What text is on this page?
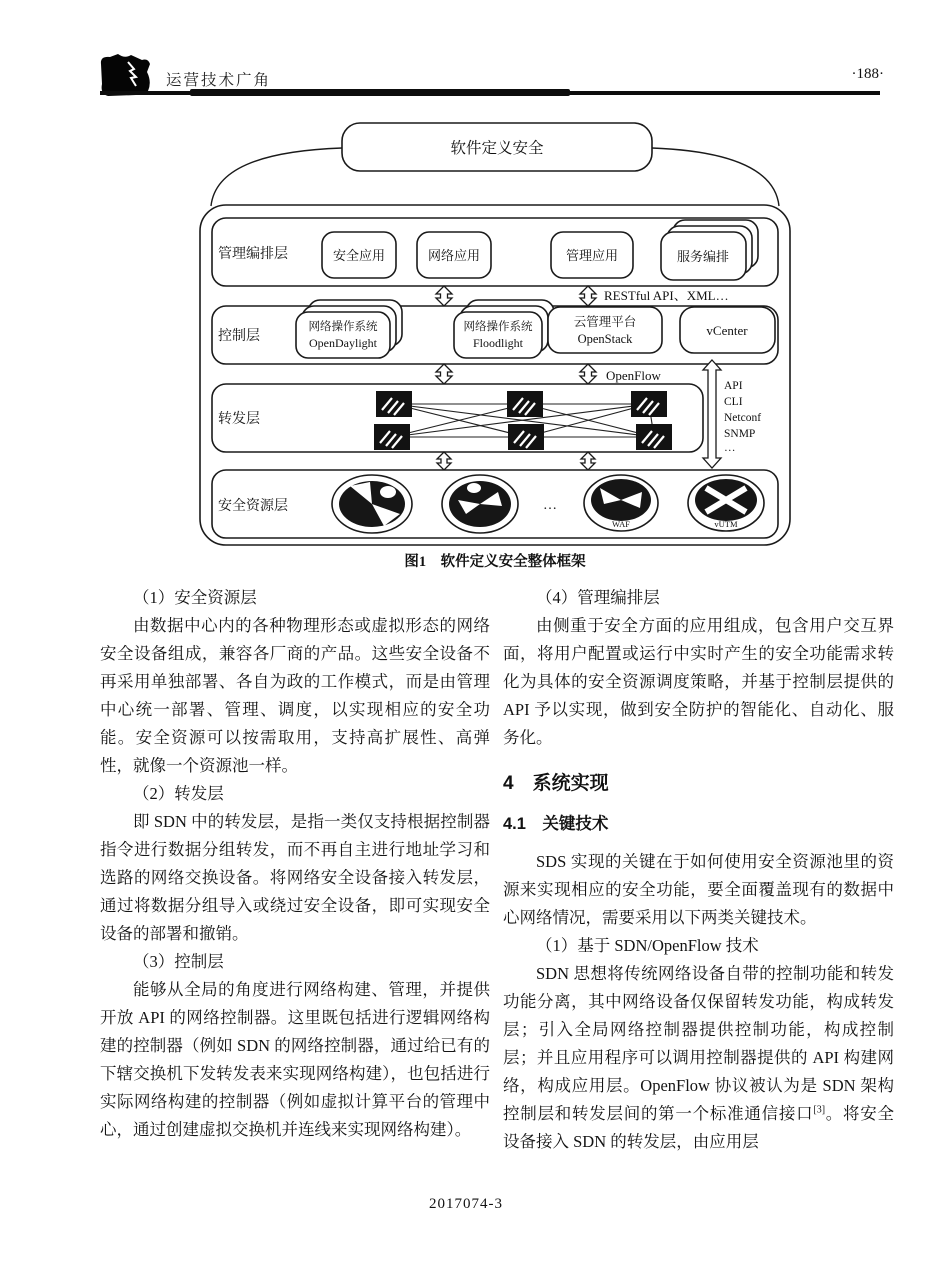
运营技术广角	·188·
软件定义安全
管理编排层	安全应用	网络应用	管理应用	服务编排
RESTful API、XML…
控制层
网络操作系统
OpenDaylight
网络操作系统
Floodlight
云管理平台
OpenStack
vCenter
OpenFlow
API
CLI
Netconf
SNMP
…
转发层
安全资源层	…
WAF	vUTM
图1　软件定义安全整体框架

（1）安全资源层

由数据中心内的各种物理形态或虚拟形态的网络安全设备组成，兼容各厂商的产品。这些安全设备不再采用单独部署、各自为政的工作模式，而是由管理中心统一部署、管理、调度，以实现相应的安全功能。安全资源可以按需取用，支持高扩展性、高弹性，就像一个资源池一样。

（2）转发层

即 SDN 中的转发层，是指一类仅支持根据控制器指令进行数据分组转发，而不再自主进行地址学习和选路的网络交换设备。将网络安全设备接入转发层，通过将数据分组导入或绕过安全设备，即可实现安全设备的部署和撤销。

（3）控制层

能够从全局的角度进行网络构建、管理，并提供开放 API 的网络控制器。这里既包括进行逻辑网络构建的控制器（例如 SDN 的网络控制器，通过给已有的下辖交换机下发转发表来实现网络构建），也包括进行实际网络构建的控制器（例如虚拟计算平台的管理中心，通过创建虚拟交换机并连线来实现网络构建）。

（4）管理编排层

由侧重于安全方面的应用组成，包含用户交互界面，将用户配置或运行中实时产生的安全功能需求转化为具体的安全资源调度策略，并基于控制层提供的 API 予以实现，做到安全防护的智能化、自动化、服务化。

4　系统实现
4.1　关键技术

SDS 实现的关键在于如何使用安全资源池里的资源来实现相应的安全功能，要全面覆盖现有的数据中心网络情况，需要采用以下两类关键技术。

（1）基于 SDN/OpenFlow 技术

SDN 思想将传统网络设备自带的控制功能和转发功能分离，其中网络设备仅保留转发功能，构成转发层；引入全局网络控制器提供控制功能，构成控制层；并且应用程序可以调用控制器提供的 API 构建网络，构成应用层。OpenFlow 协议被认为是 SDN 架构控制层和转发层间的第一个标准通信接口[3]。将安全设备接入 SDN 的转发层，由应用层

2017074-3
